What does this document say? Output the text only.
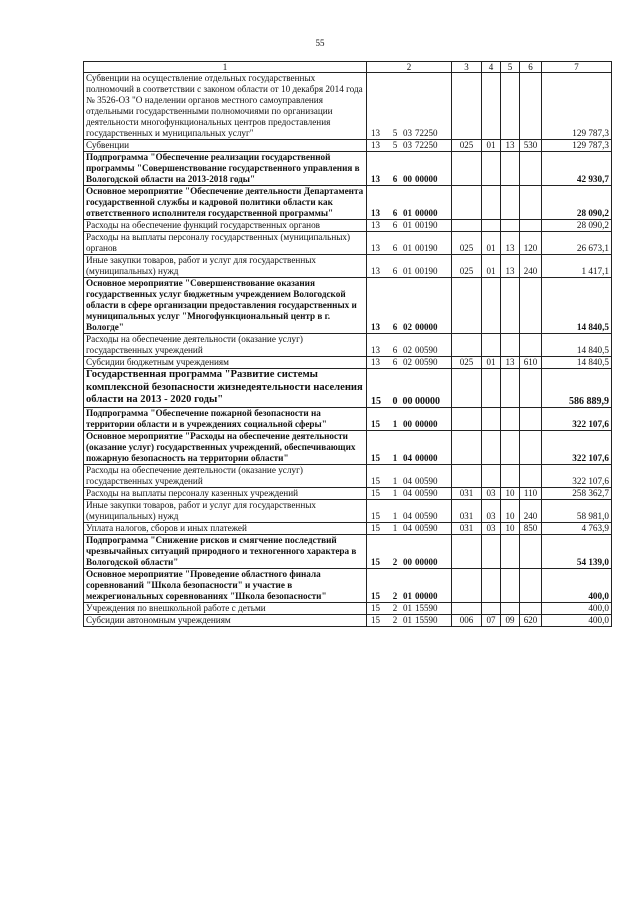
55
1	2	3	4	5	6	7
Субвенции на осуществление отдельных государственных полномочий в соответствии с законом области от 10 декабря 2014 года № 3526-ОЗ "О наделении органов местного самоуправления отдельными государственными полномочиями по организации деятельности многофункциональных центров предоставления государственных и муниципальных услуг"	13 5 03 72250					129 787,3
Субвенции	13 5 03 72250	025	01	13	530	129 787,3
Подпрограмма "Обеспечение реализации государственной программы "Совершенствование государственного управления в Вологодской области на 2013-2018 годы"	13 6 00 00000					42 930,7
Основное мероприятие "Обеспечение деятельности Департамента государственной службы и кадровой политики области как ответственного исполнителя государственной программы"	13 6 01 00000					28 090,2
Расходы на обеспечение функций государственных органов	13 6 01 00190					28 090,2
Расходы на выплаты персоналу государственных (муниципальных) органов	13 6 01 00190	025	01	13	120	26 673,1
Иные закупки товаров, работ и услуг для государственных (муниципальных) нужд	13 6 01 00190	025	01	13	240	1 417,1
Основное мероприятие "Совершенствование оказания государственных услуг бюджетным учреждением Вологодской области в сфере организации предоставления государственных и муниципальных услуг "Многофункциональный центр в г. Вологде"	13 6 02 00000					14 840,5
Расходы на обеспечение деятельности (оказание услуг) государственных учреждений	13 6 02 00590					14 840,5
Субсидии бюджетным учреждениям	13 6 02 00590	025	01	13	610	14 840,5
Государственная программа "Развитие системы комплексной безопасности жизнедеятельности населения области на 2013 - 2020 годы"	15 0 00 00000					586 889,9
Подпрограмма "Обеспечение пожарной безопасности на территории области и в учреждениях социальной сферы"	15 1 00 00000					322 107,6
Основное мероприятие "Расходы на обеспечение деятельности (оказание услуг) государственных учреждений, обеспечивающих пожарную безопасность на территории области"	15 1 04 00000					322 107,6
Расходы на обеспечение деятельности (оказание услуг) государственных учреждений	15 1 04 00590					322 107,6
Расходы на выплаты персоналу казенных учреждений	15 1 04 00590	031	03	10	110	258 362,7
Иные закупки товаров, работ и услуг для государственных (муниципальных) нужд	15 1 04 00590	031	03	10	240	58 981,0
Уплата налогов, сборов и иных платежей	15 1 04 00590	031	03	10	850	4 763,9
Подпрограмма "Снижение рисков и смягчение последствий чрезвычайных ситуаций природного и техногенного характера в Вологодской области"	15 2 00 00000					54 139,0
Основное мероприятие "Проведение областного финала соревнований "Школа безопасности" и участие в межрегиональных соревнованиях "Школа безопасности"	15 2 01 00000					400,0
Учреждения по внешкольной работе с детьми	15 2 01 15590					400,0
Субсидии автономным учреждениям	15 2 01 15590	006	07	09	620	400,0
